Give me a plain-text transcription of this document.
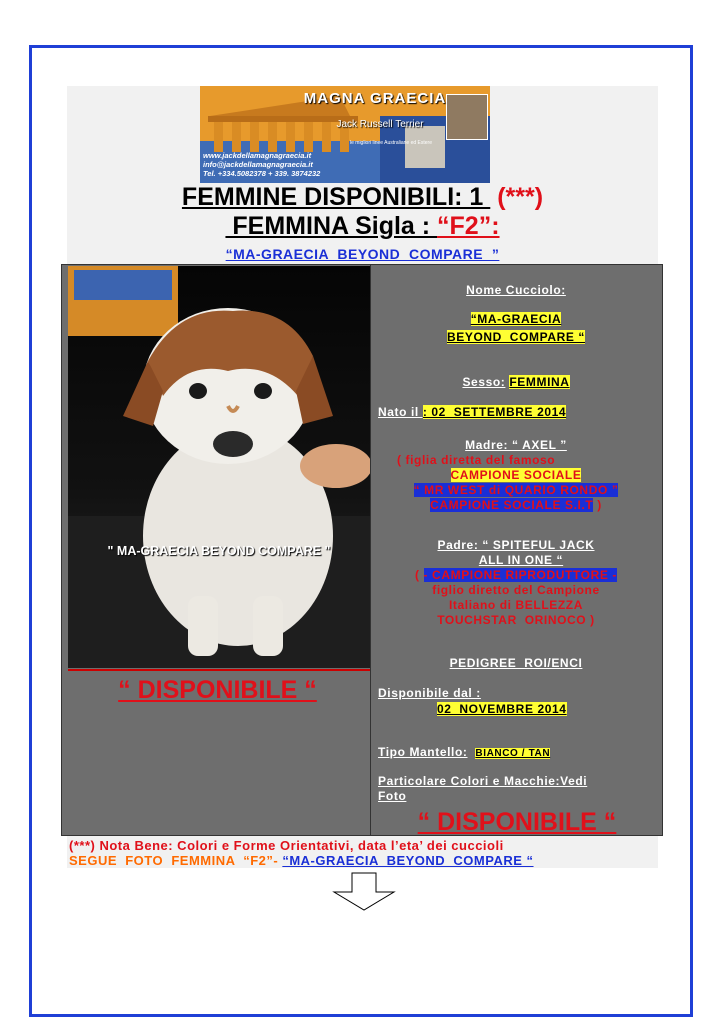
MAGNA GRAECIA
Jack Russell Terrier
le migliori linee Australiane ed Estere
www.jackdellamagnagraecia.it
info@jackdellamagnagraecia.it
Tel. +334.5082378 + 339. 3874232
FEMMINE DISPONIBILI: 1  (***)
FEMMINA Sigla : “F2”:
“MA-GRAECIA  BEYOND  COMPARE  ”
" MA-GRAECIA BEYOND COMPARE "
“ DISPONIBILE “
Nome Cucciolo:
“MA-GRAECIA
BEYOND  COMPARE “
Sesso: FEMMINA
Nato il : 02  SETTEMBRE 2014
Madre: “ AXEL ”
( figlia diretta del famoso
CAMPIONE SOCIALE
“ MR WEST di QUARIO RONDO ”
CAMPIONE SOCIALE S.I.T )
Padre: “ SPITEFUL JACK
ALL IN ONE “
( - CAMPIONE RIPRODUTTORE -
figlio diretto del Campione
Italiano di BELLEZZA
TOUCHSTAR  ORINOCO )
PEDIGREE  ROI/ENCI
Disponibile dal :
02  NOVEMBRE 2014
Tipo Mantello: BIANCO / TAN
Particolare Colori e Macchie:Vedi
Foto
“ DISPONIBILE “
(***) Nota Bene: Colori e Forme Orientativi, data l’eta’ dei cuccioli
SEGUE  FOTO  FEMMINA  “F2”- “MA-GRAECIA  BEYOND  COMPARE “
